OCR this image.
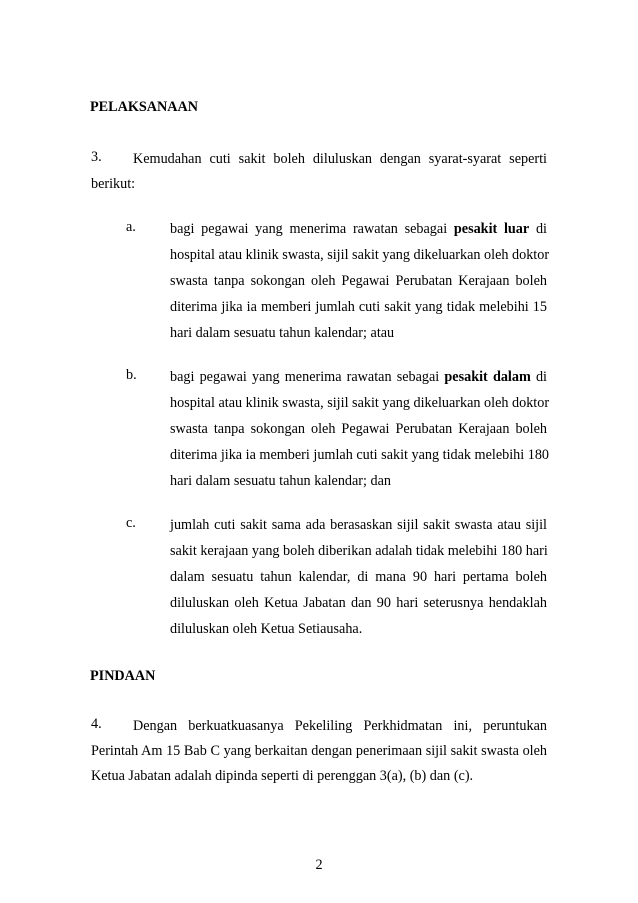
PELAKSANAAN
3. Kemudahan cuti sakit boleh diluluskan dengan syarat-syarat seperti
berikut:
a. bagi pegawai yang menerima rawatan sebagai pesakit luar di
hospital atau klinik swasta, sijil sakit yang dikeluarkan oleh doktor
swasta tanpa sokongan oleh Pegawai Perubatan Kerajaan boleh
diterima jika ia memberi jumlah cuti sakit yang tidak melebihi 15
hari dalam sesuatu tahun kalendar; atau
b. bagi pegawai yang menerima rawatan sebagai pesakit dalam di
hospital atau klinik swasta, sijil sakit yang dikeluarkan oleh doktor
swasta tanpa sokongan oleh Pegawai Perubatan Kerajaan boleh
diterima jika ia memberi jumlah cuti sakit yang tidak melebihi 180
hari dalam sesuatu tahun kalendar; dan
c. jumlah cuti sakit sama ada berasaskan sijil sakit swasta atau sijil
sakit kerajaan yang boleh diberikan adalah tidak melebihi 180 hari
dalam sesuatu tahun kalendar, di mana 90 hari pertama boleh
diluluskan oleh Ketua Jabatan dan 90 hari seterusnya hendaklah
diluluskan oleh Ketua Setiausaha.
PINDAAN
4. Dengan berkuatkuasanya Pekeliling Perkhidmatan ini, peruntukan
Perintah Am 15 Bab C yang berkaitan dengan penerimaan sijil sakit swasta oleh
Ketua Jabatan adalah dipinda seperti di perenggan 3(a), (b) dan (c).
2
